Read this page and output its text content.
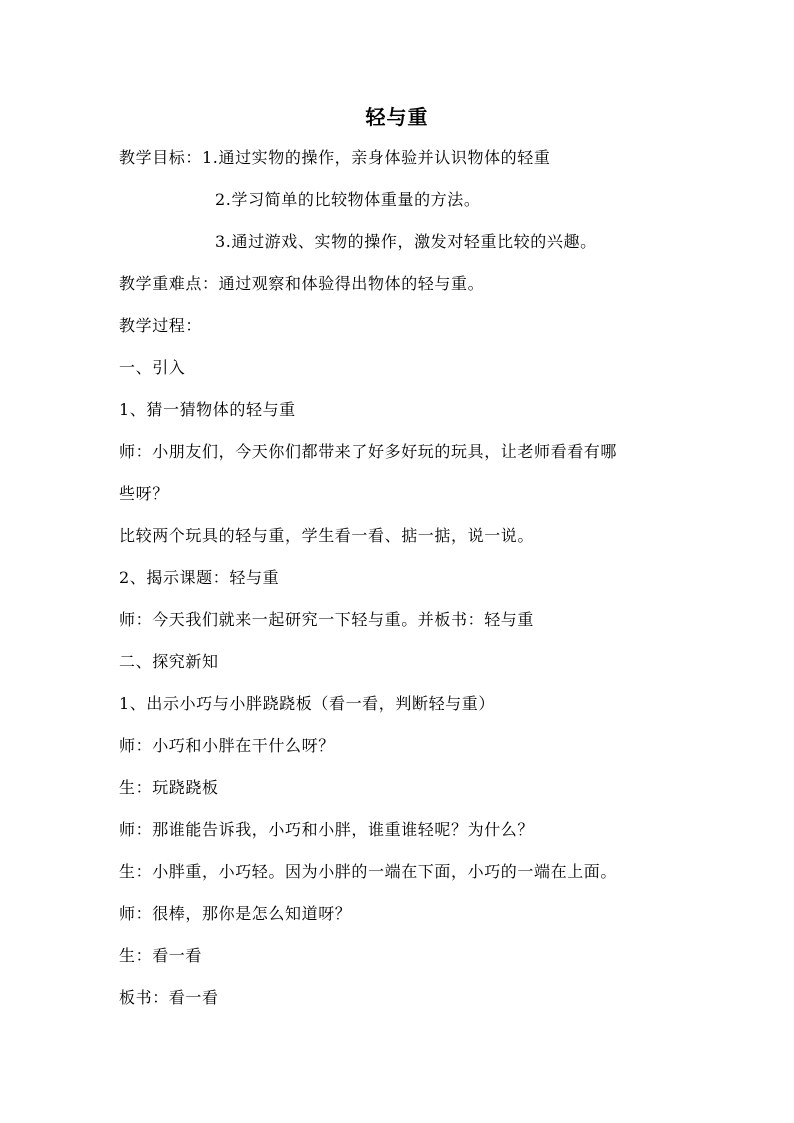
轻与重
教学目标：1.通过实物的操作，亲身体验并认识物体的轻重
2.学习简单的比较物体重量的方法。
3.通过游戏、实物的操作，激发对轻重比较的兴趣。
教学重难点：通过观察和体验得出物体的轻与重。
教学过程：
一、引入
1、猜一猜物体的轻与重
师：小朋友们，今天你们都带来了好多好玩的玩具，让老师看看有哪
些呀？
比较两个玩具的轻与重，学生看一看、掂一掂，说一说。
2、揭示课题：轻与重
师：今天我们就来一起研究一下轻与重。并板书：轻与重
二、探究新知
1、出示小巧与小胖跷跷板（看一看，判断轻与重）
师：小巧和小胖在干什么呀？
生：玩跷跷板
师：那谁能告诉我，小巧和小胖，谁重谁轻呢？为什么？
生：小胖重，小巧轻。因为小胖的一端在下面，小巧的一端在上面。
师：很棒，那你是怎么知道呀？
生：看一看
板书：看一看
